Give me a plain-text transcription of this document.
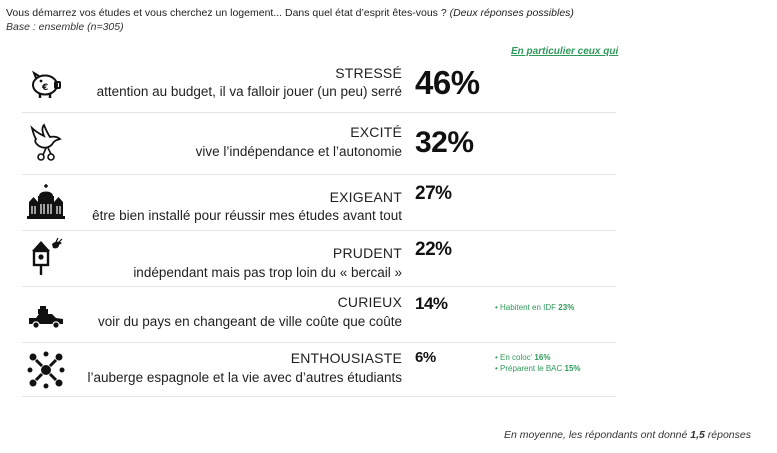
Vous démarrez vos études et vous cherchez un logement... Dans quel état d’esprit êtes-vous ? (Deux réponses possibles)
Base : ensemble (n=305)
En particulier ceux qui
€
STRESSÉ
attention au budget, il va falloir jouer (un peu) serré 46%
EXCITÉ
vive l’indépendance et l’autonomie 32%
EXIGEANT
être bien installé pour réussir mes études avant tout
27%
PRUDENT
indépendant mais pas trop loin du « bercail »
22%
CURIEUX
voir du pays en changeant de ville coûte que coûte
14%	• Habitent en IDF 23%
ENTHOUSIASTE
l’auberge espagnole et la vie avec d’autres étudiants
6%	• En coloc’ 16%
• Préparent le BAC 15%
En moyenne, les répondants ont donné 1,5 réponses
